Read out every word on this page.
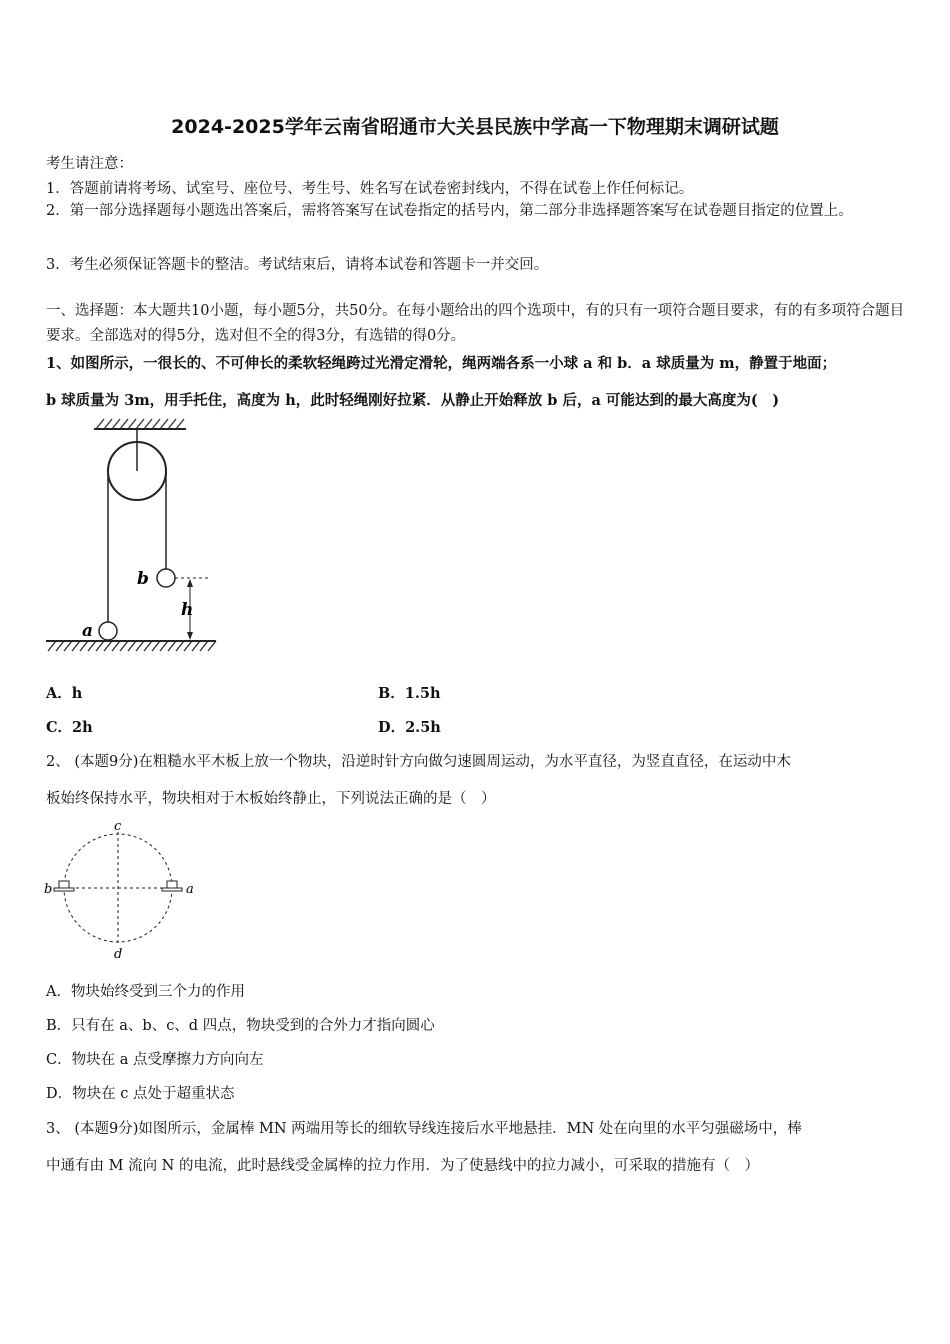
2024-2025学年云南省昭通市大关县民族中学高一下物理期末调研试题
考生请注意：
1．答题前请将考场、试室号、座位号、考生号、姓名写在试卷密封线内，不得在试卷上作任何标记。
2．第一部分选择题每小题选出答案后，需将答案写在试卷指定的括号内，第二部分非选择题答案写在试卷题目指定的位置上。
3．考生必须保证答题卡的整洁。考试结束后，请将本试卷和答题卡一并交回。
一、选择题：本大题共10小题，每小题5分，共50分。在每小题给出的四个选项中，有的只有一项符合题目要求，有的有多项符合题目要求。全部选对的得5分，选对但不全的得3分，有选错的得0分。
1、如图所示，一很长的、不可伸长的柔软轻绳跨过光滑定滑轮，绳两端各系一小球 a 和 b．a 球质量为 m，静置于地面；
b 球质量为 3m，用手托住，高度为 h，此时轻绳刚好拉紧．从静止开始释放 b 后，a 可能达到的最大高度为(　)
b
h
a
A．h	B．1.5h
C．2h	D．2.5h
2、 (本题9分)在粗糙水平木板上放一个物块，沿逆时针方向做匀速圆周运动，为水平直径，为竖直直径，在运动中木
板始终保持水平，物块相对于木板始终静止，下列说法正确的是（　）
c
d
b	a
A．物块始终受到三个力的作用
B．只有在 a、b、c、d 四点，物块受到的合外力才指向圆心
C．物块在 a 点受摩擦力方向向左
D．物块在 c 点处于超重状态
3、 (本题9分)如图所示，金属棒 MN 两端用等长的细软导线连接后水平地悬挂．MN 处在向里的水平匀强磁场中，棒
中通有由 M 流向 N 的电流，此时悬线受金属棒的拉力作用．为了使悬线中的拉力减小，可采取的措施有（　）
